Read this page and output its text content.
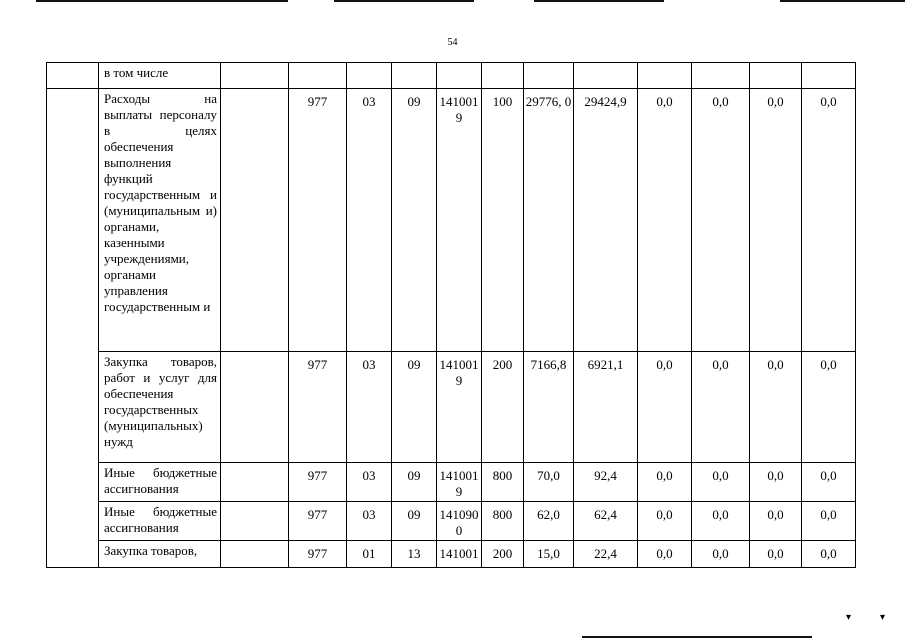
54
	в том числе												
	Расходы на выплаты персоналу в целях обеспечения выполнения функций государственным и (муниципальным и) органами, казенными учреждениями, органами управления государственным и		977	03	09	141001 9	100	29776, 0	29424,9	0,0	0,0	0,0	0,0
	Закупка товаров, работ и услуг для обеспечения государственных (муниципальных) нужд		977	03	09	141001 9	200	7166,8	6921,1	0,0	0,0	0,0	0,0
	Иные бюджетные ассигнования		977	03	09	141001 9	800	70,0	92,4	0,0	0,0	0,0	0,0
	Иные бюджетные ассигнования		977	03	09	141090 0	800	62,0	62,4	0,0	0,0	0,0	0,0
	Закупка товаров,		977	01	13	141001	200	15,0	22,4	0,0	0,0	0,0	0,0
▾	▾
